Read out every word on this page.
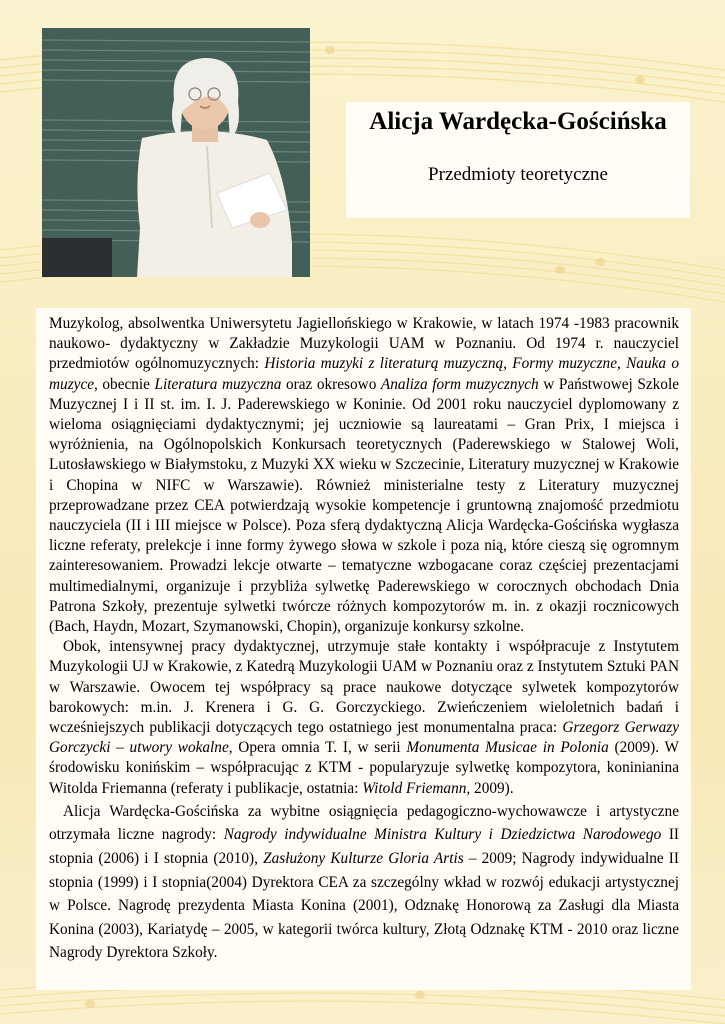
Alicja Wardęcka-Gościńska
Przedmioty teoretyczne

Muzykolog, absolwentka Uniwersytetu Jagiellońskiego w Krakowie, w latach 1974 -1983 pracownik naukowo- dydaktyczny w Zakładzie Muzykologii UAM w Poznaniu. Od 1974 r. nauczyciel przedmiotów ogólnomuzycznych: Historia muzyki z literaturą muzyczną, Formy muzyczne, Nauka o muzyce, obecnie Literatura muzyczna oraz okresowo Analiza form muzycznych w Państwowej Szkole Muzycznej I i II st. im. I. J. Paderewskiego w Koninie. Od 2001 roku nauczyciel dyplomowany z wieloma osiągnięciami dydaktycznymi; jej uczniowie są laureatami – Gran Prix, I miejsca i wyróżnienia, na Ogólnopolskich Konkursach teoretycznych (Paderewskiego w Stalowej Woli, Lutosławskiego w Białymstoku, z Muzyki XX wieku w Szczecinie, Literatury muzycznej w Krakowie i Chopina w NIFC w Warszawie). Również ministerialne testy z Literatury muzycznej przeprowadzane przez CEA potwierdzają wysokie kompetencje i gruntowną znajomość przedmiotu nauczyciela (II i III miejsce w Polsce). Poza sferą dydaktyczną Alicja Wardęcka-Gościńska wygłasza liczne referaty, prelekcje i inne formy żywego słowa w szkole i poza nią, które cieszą się ogromnym zainteresowaniem. Prowadzi lekcje otwarte – tematyczne wzbogacane coraz częściej prezentacjami multimedialnymi, organizuje i przybliża sylwetkę Paderewskiego w corocznych obchodach Dnia Patrona Szkoły, prezentuje sylwetki twórcze różnych kompozytorów m. in. z okazji rocznicowych (Bach, Haydn, Mozart, Szymanowski, Chopin), organizuje konkursy szkolne.

Obok, intensywnej pracy dydaktycznej, utrzymuje stałe kontakty i współpracuje z Instytutem Muzykologii UJ w Krakowie, z Katedrą Muzykologii UAM w Poznaniu oraz z Instytutem Sztuki PAN w Warszawie. Owocem tej współpracy są prace naukowe dotyczące sylwetek kompozytorów barokowych: m.in. J. Krenera i G. G. Gorczyckiego. Zwieńczeniem wieloletnich badań i wcześniejszych publikacji dotyczących tego ostatniego jest monumentalna praca: Grzegorz Gerwazy Gorczycki – utwory wokalne, Opera omnia T. I, w serii Monumenta Musicae in Polonia (2009). W środowisku konińskim – współpracując z KTM - popularyzuje sylwetkę kompozytora, koninianina Witolda Friemanna (referaty i publikacje, ostatnia: Witold Friemann, 2009).

Alicja Wardęcka-Gościńska za wybitne osiągnięcia pedagogiczno-wychowawcze i artystyczne otrzymała liczne nagrody: Nagrody indywidualne Ministra Kultury i Dziedzictwa Narodowego II stopnia (2006) i I stopnia (2010), Zasłużony Kulturze Gloria Artis – 2009; Nagrody indywidualne II stopnia (1999) i I stopnia(2004) Dyrektora CEA za szczególny wkład w rozwój edukacji artystycznej w Polsce. Nagrodę prezydenta Miasta Konina (2001), Odznakę Honorową za Zasługi dla Miasta Konina (2003), Kariatydę – 2005, w kategorii twórca kultury, Złotą Odznakę KTM - 2010 oraz liczne Nagrody Dyrektora Szkoły.
